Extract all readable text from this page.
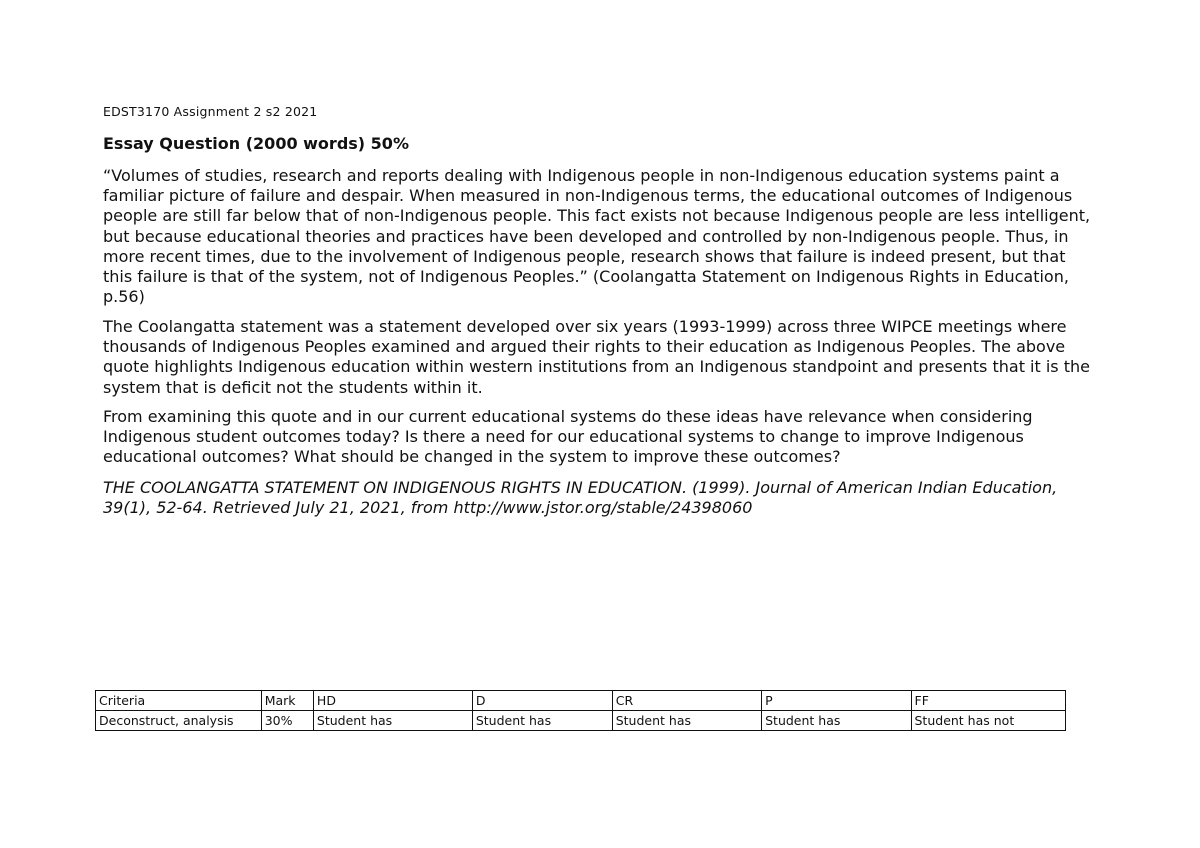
EDST3170 Assignment 2 s2 2021
Essay Question (2000 words) 50%

“Volumes of studies, research and reports dealing with Indigenous people in non-Indigenous education systems paint a familiar picture of failure and despair. When measured in non-Indigenous terms, the educational outcomes of Indigenous people are still far below that of non-Indigenous people. This fact exists not because Indigenous people are less intelligent, but because educational theories and practices have been developed and controlled by non-Indigenous people. Thus, in more recent times, due to the involvement of Indigenous people, research shows that failure is indeed present, but that this failure is that of the system, not of Indigenous Peoples.” (Coolangatta Statement on Indigenous Rights in Education, p.56)

The Coolangatta statement was a statement developed over six years (1993-1999) across three WIPCE meetings where thousands of Indigenous Peoples examined and argued their rights to their education as Indigenous Peoples. The above quote highlights Indigenous education within western institutions from an Indigenous standpoint and presents that it is the system that is deficit not the students within it.

From examining this quote and in our current educational systems do these ideas have relevance when considering Indigenous student outcomes today? Is there a need for our educational systems to change to improve Indigenous educational outcomes? What should be changed in the system to improve these outcomes?

THE COOLANGATTA STATEMENT ON INDIGENOUS RIGHTS IN EDUCATION. (1999). Journal of American Indian Education, 39(1), 52-64. Retrieved July 21, 2021, from http://www.jstor.org/stable/24398060

Criteria	Mark	HD	D	CR	P	FF
Deconstruct, analysis	30%	Student has	Student has	Student has	Student has	Student has not
